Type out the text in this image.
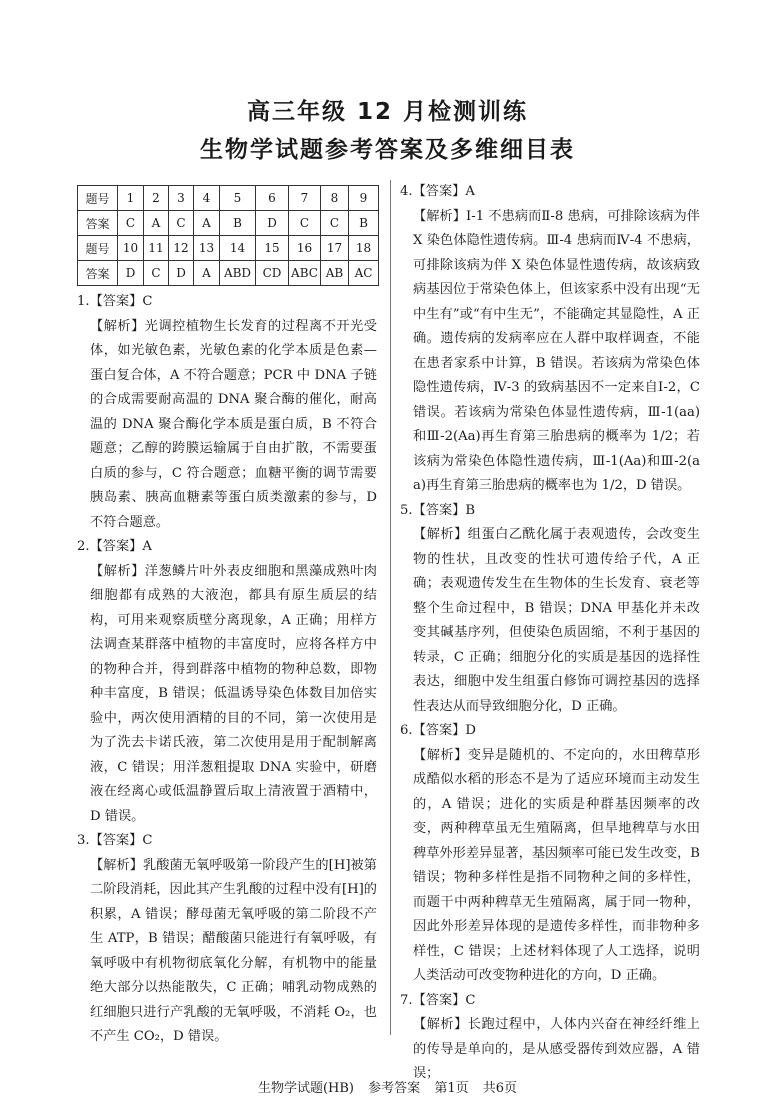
高三年级 12 月检测训练
生物学试题参考答案及多维细目表
题号	1	2	3	4	5	6	7	8	9
答案	C	A	C	A	B	D	C	C	B
题号	10	11	12	13	14	15	16	17	18
答案	D	C	D	A	ABD	CD	ABC	AB	AC

1.【答案】C

【解析】光调控植物生长发育的过程离不开光受体，如光敏色素，光敏色素的化学本质是色素—蛋白复合体，A 不符合题意；PCR 中 DNA 子链的合成需要耐高温的 DNA 聚合酶的催化，耐高温的 DNA 聚合酶化学本质是蛋白质，B 不符合题意；乙醇的跨膜运输属于自由扩散，不需要蛋白质的参与，C 符合题意；血糖平衡的调节需要胰岛素、胰高血糖素等蛋白质类激素的参与，D 不符合题意。

2.【答案】A

【解析】洋葱鳞片叶外表皮细胞和黑藻成熟叶肉细胞都有成熟的大液泡，都具有原生质层的结构，可用来观察质壁分离现象，A 正确；用样方法调查某群落中植物的丰富度时，应将各样方中的物种合并，得到群落中植物的物种总数，即物种丰富度，B 错误；低温诱导染色体数目加倍实验中，两次使用酒精的目的不同，第一次使用是为了洗去卡诺氏液，第二次使用是用于配制解离液，C 错误；用洋葱粗提取 DNA 实验中，研磨液在经离心或低温静置后取上清液置于酒精中，D 错误。

3.【答案】C

【解析】乳酸菌无氧呼吸第一阶段产生的[H]被第二阶段消耗，因此其产生乳酸的过程中没有[H]的积累，A 错误；酵母菌无氧呼吸的第二阶段不产生 ATP，B 错误；醋酸菌只能进行有氧呼吸，有氧呼吸中有机物彻底氧化分解，有机物中的能量绝大部分以热能散失，C 正确；哺乳动物成熟的红细胞只进行产乳酸的无氧呼吸，不消耗 O₂，也不产生 CO₂，D 错误。

4.【答案】A

【解析】Ⅰ-1 不患病而Ⅱ-8 患病，可排除该病为伴 X 染色体隐性遗传病。Ⅲ-4 患病而Ⅳ-4 不患病，可排除该病为伴 X 染色体显性遗传病，故该病致病基因位于常染色体上，但该家系中没有出现“无中生有”或“有中生无”，不能确定其显隐性，A 正确。遗传病的发病率应在人群中取样调查，不能在患者家系中计算，B 错误。若该病为常染色体隐性遗传病，Ⅳ-3 的致病基因不一定来自Ⅰ-2，C 错误。若该病为常染色体显性遗传病，Ⅲ-1(aa)和Ⅲ-2(Aa)再生育第三胎患病的概率为 1/2；若该病为常染色体隐性遗传病，Ⅲ-1(Aa)和Ⅲ-2(aa)再生育第三胎患病的概率也为 1/2，D 错误。

5.【答案】B

【解析】组蛋白乙酰化属于表观遗传，会改变生物的性状，且改变的性状可遗传给子代，A 正确；表观遗传发生在生物体的生长发育、衰老等整个生命过程中，B 错误；DNA 甲基化并未改变其碱基序列，但使染色质固缩，不利于基因的转录，C 正确；细胞分化的实质是基因的选择性表达，细胞中发生组蛋白修饰可调控基因的选择性表达从而导致细胞分化，D 正确。

6.【答案】D

【解析】变异是随机的、不定向的，水田稗草形成酷似水稻的形态不是为了适应环境而主动发生的，A 错误；进化的实质是种群基因频率的改变，两种稗草虽无生殖隔离，但旱地稗草与水田稗草外形差异显著，基因频率可能已发生改变，B 错误；物种多样性是指不同物种之间的多样性，而题干中两种稗草无生殖隔离，属于同一物种，因此外形差异体现的是遗传多样性，而非物种多样性，C 错误；上述材料体现了人工选择，说明人类活动可改变物种进化的方向，D 正确。

7.【答案】C

【解析】长跑过程中，人体内兴奋在神经纤维上的传导是单向的，是从感受器传到效应器，A 错误；

生物学试题(HB) 参考答案 第1页 共6页
